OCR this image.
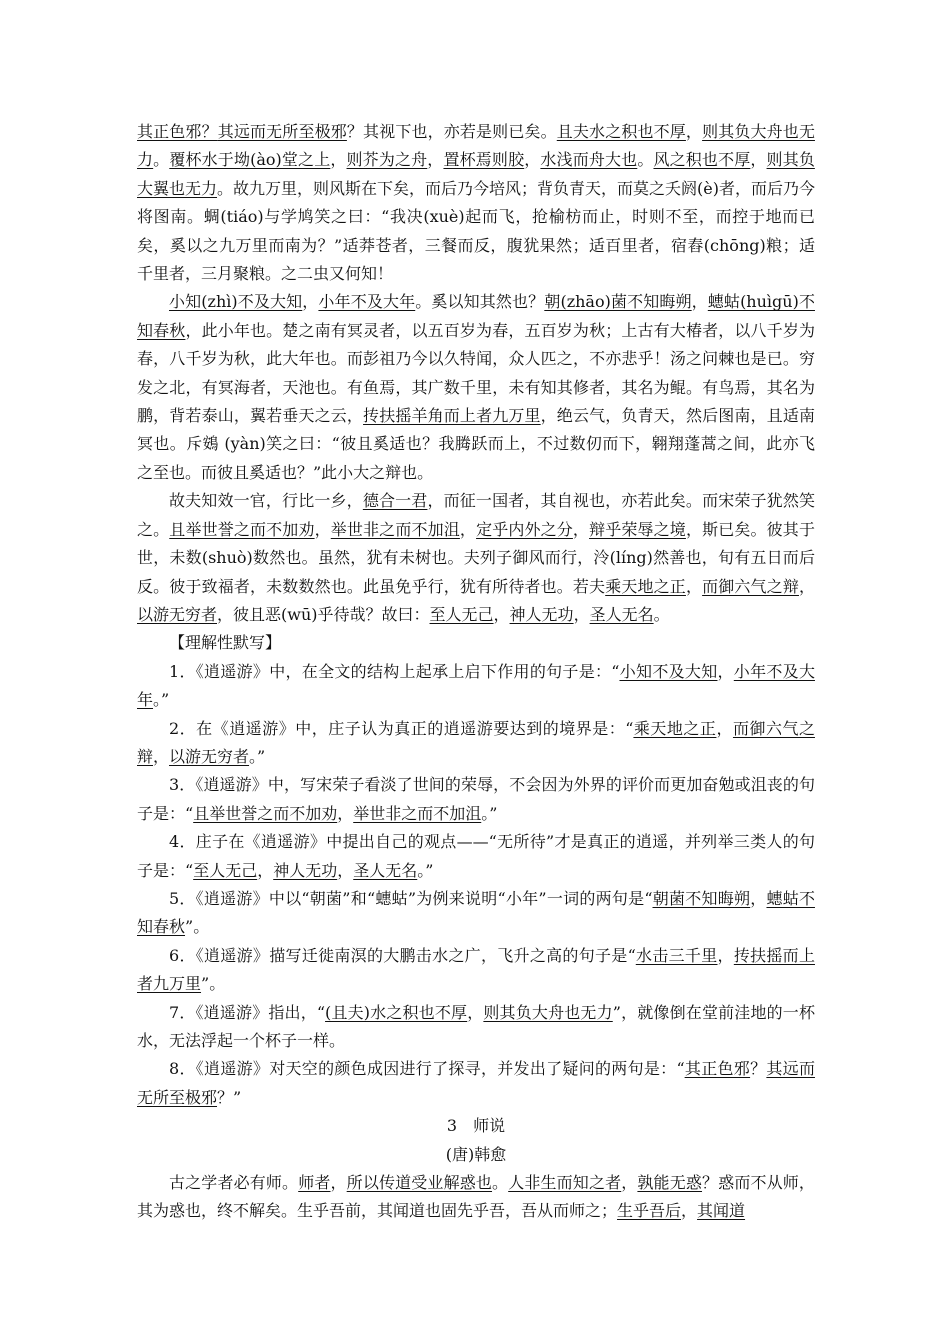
其正色邪？其远而无所至极邪？其视下也，亦若是则已矣。且夫水之积也不厚，则其负大舟也无力。覆杯水于坳(ào)堂之上，则芥为之舟，置杯焉则胶，水浅而舟大也。风之积也不厚，则其负大翼也无力。故九万里，则风斯在下矣，而后乃今培风；背负青天，而莫之夭阏(è)者，而后乃今将图南。蜩(tiáo)与学鸠笑之曰：“我决(xuè)起而飞，抢榆枋而止，时则不至，而控于地而已矣，奚以之九万里而南为？”适莽苍者，三餐而反，腹犹果然；适百里者，宿舂(chōng)粮；适千里者，三月聚粮。之二虫又何知！

小知(zhì)不及大知，小年不及大年。奚以知其然也？朝(zhāo)菌不知晦朔，蟪蛄(huìgū)不知春秋，此小年也。楚之南有冥灵者，以五百岁为春，五百岁为秋；上古有大椿者，以八千岁为春，八千岁为秋，此大年也。而彭祖乃今以久特闻，众人匹之，不亦悲乎！汤之问棘也是已。穷发之北，有冥海者，天池也。有鱼焉，其广数千里，未有知其修者，其名为鲲。有鸟焉，其名为鹏，背若泰山，翼若垂天之云，抟扶摇羊角而上者九万里，绝云气，负青天，然后图南，且适南冥也。斥鴳 (yàn)笑之曰：“彼且奚适也？我腾跃而上，不过数仞而下，翱翔蓬蒿之间，此亦飞之至也。而彼且奚适也？”此小大之辩也。

故夫知效一官，行比一乡，德合一君，而征一国者，其自视也，亦若此矣。而宋荣子犹然笑之。且举世誉之而不加劝，举世非之而不加沮，定乎内外之分，辩乎荣辱之境，斯已矣。彼其于世，未数(shuò)数然也。虽然，犹有未树也。夫列子御风而行，泠(líng)然善也，旬有五日而后反。彼于致福者，未数数然也。此虽免乎行，犹有所待者也。若夫乘天地之正，而御六气之辩，以游无穷者，彼且恶(wū)乎待哉？故曰：至人无己，神人无功，圣人无名。

【理解性默写】

1．《逍遥游》中，在全文的结构上起承上启下作用的句子是：“小知不及大知，小年不及大年。”

2．在《逍遥游》中，庄子认为真正的逍遥游要达到的境界是：“乘天地之正，而御六气之辩，以游无穷者。”

3．《逍遥游》中，写宋荣子看淡了世间的荣辱，不会因为外界的评价而更加奋勉或沮丧的句子是：“且举世誉之而不加劝，举世非之而不加沮。”

4．庄子在《逍遥游》中提出自己的观点——“无所待”才是真正的逍遥，并列举三类人的句子是：“至人无己，神人无功，圣人无名。”

5．《逍遥游》中以“朝菌”和“蟪蛄”为例来说明“小年”一词的两句是“朝菌不知晦朔，蟪蛄不知春秋”。

6．《逍遥游》描写迁徙南溟的大鹏击水之广，飞升之高的句子是“水击三千里，抟扶摇而上者九万里”。

7．《逍遥游》指出，“(且夫)水之积也不厚，则其负大舟也无力”，就像倒在堂前洼地的一杯水，无法浮起一个杯子一样。

8．《逍遥游》对天空的颜色成因进行了探寻，并发出了疑问的两句是：“其正色邪？其远而无所至极邪？”

3　师说

(唐)韩愈

古之学者必有师。师者，所以传道受业解惑也。人非生而知之者，孰能无惑？惑而不从师，其为惑也，终不解矣。生乎吾前，其闻道也固先乎吾，吾从而师之；生乎吾后，其闻道
